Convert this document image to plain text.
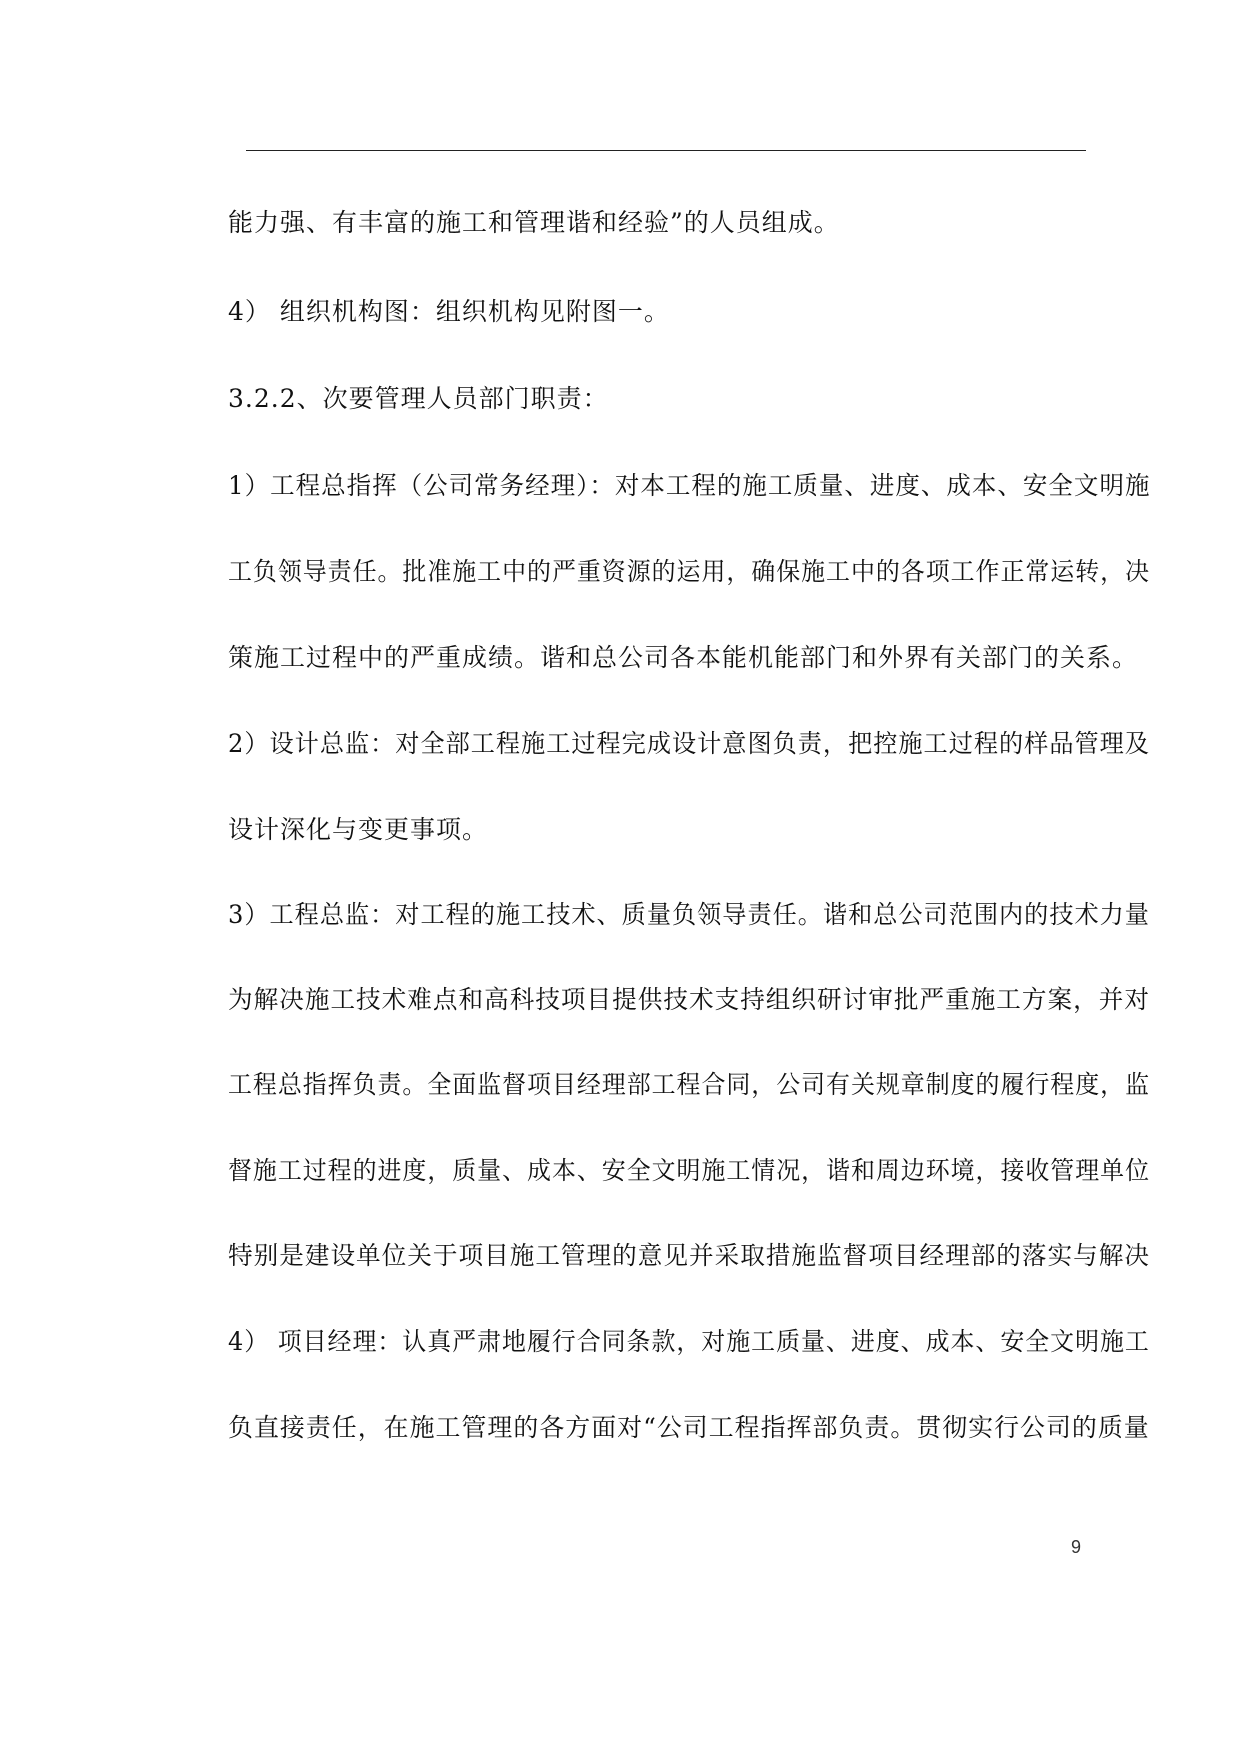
能力强、有丰富的施工和管理谐和经验”的人员组成。
4） 组织机构图：组织机构见附图一。
3.2.2、次要管理人员部门职责：
1）工程总指挥（公司常务经理）：对本工程的施工质量、进度、成本、安全文明施
工负领导责任。批准施工中的严重资源的运用，确保施工中的各项工作正常运转，决
策施工过程中的严重成绩。谐和总公司各本能机能部门和外界有关部门的关系。
2）设计总监：对全部工程施工过程完成设计意图负责，把控施工过程的样品管理及
设计深化与变更事项。
3）工程总监：对工程的施工技术、质量负领导责任。谐和总公司范围内的技术力量
为解决施工技术难点和高科技项目提供技术支持组织研讨审批严重施工方案，并对
工程总指挥负责。全面监督项目经理部工程合同，公司有关规章制度的履行程度，监
督施工过程的进度，质量、成本、安全文明施工情况，谐和周边环境，接收管理单位
特别是建设单位关于项目施工管理的意见并采取措施监督项目经理部的落实与解决
4） 项目经理：认真严肃地履行合同条款，对施工质量、进度、成本、安全文明施工
负直接责任，在施工管理的各方面对“公司工程指挥部负责。贯彻实行公司的质量
9
